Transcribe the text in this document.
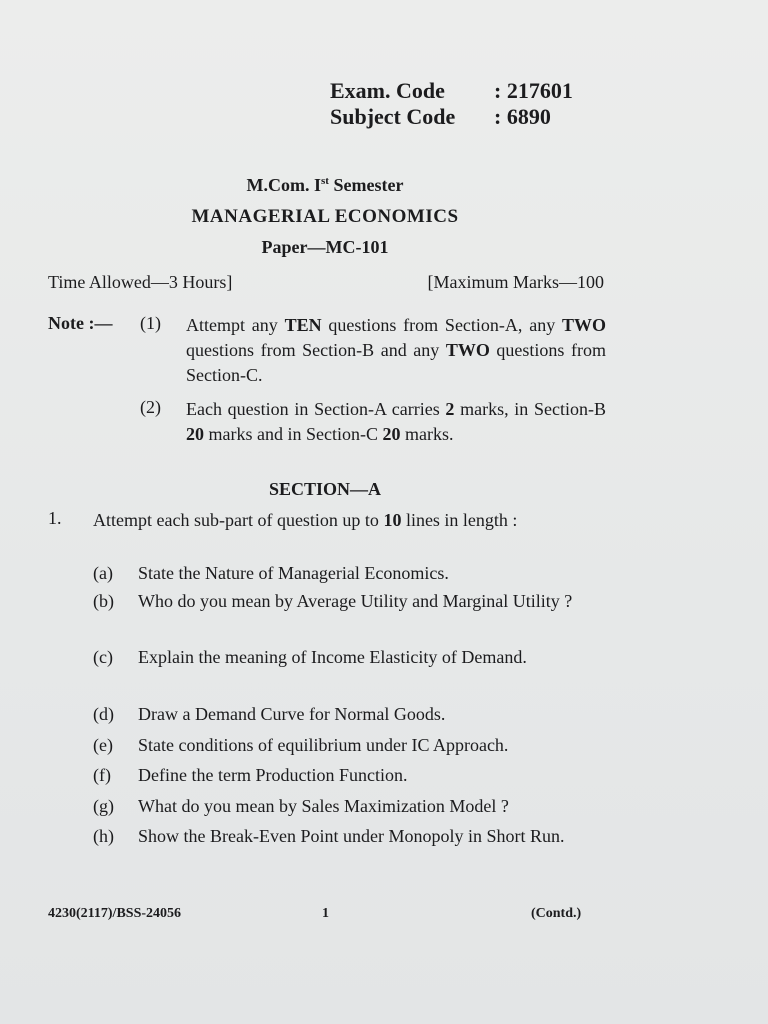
Exam. Code	: 217601
Subject Code	: 6890
M.Com. Ist Semester
MANAGERIAL ECONOMICS
Paper—MC-101
Time Allowed—3 Hours]	[Maximum Marks—100
Note :— (1) Attempt any TEN questions from Section-A, any TWO questions from Section-B and any TWO questions from Section-C.
(2) Each question in Section-A carries 2 marks, in Section-B 20 marks and in Section-C 20 marks.
SECTION—A
1. Attempt each sub-part of question up to 10 lines in length :
(a) State the Nature of Managerial Economics.
(b) Who do you mean by Average Utility and Marginal Utility ?
(c) Explain the meaning of Income Elasticity of Demand.
(d) Draw a Demand Curve for Normal Goods.
(e) State conditions of equilibrium under IC Approach.
(f) Define the term Production Function.
(g) What do you mean by Sales Maximization Model ?
(h) Show the Break-Even Point under Monopoly in Short Run.
4230(2117)/BSS-24056	1	(Contd.)
